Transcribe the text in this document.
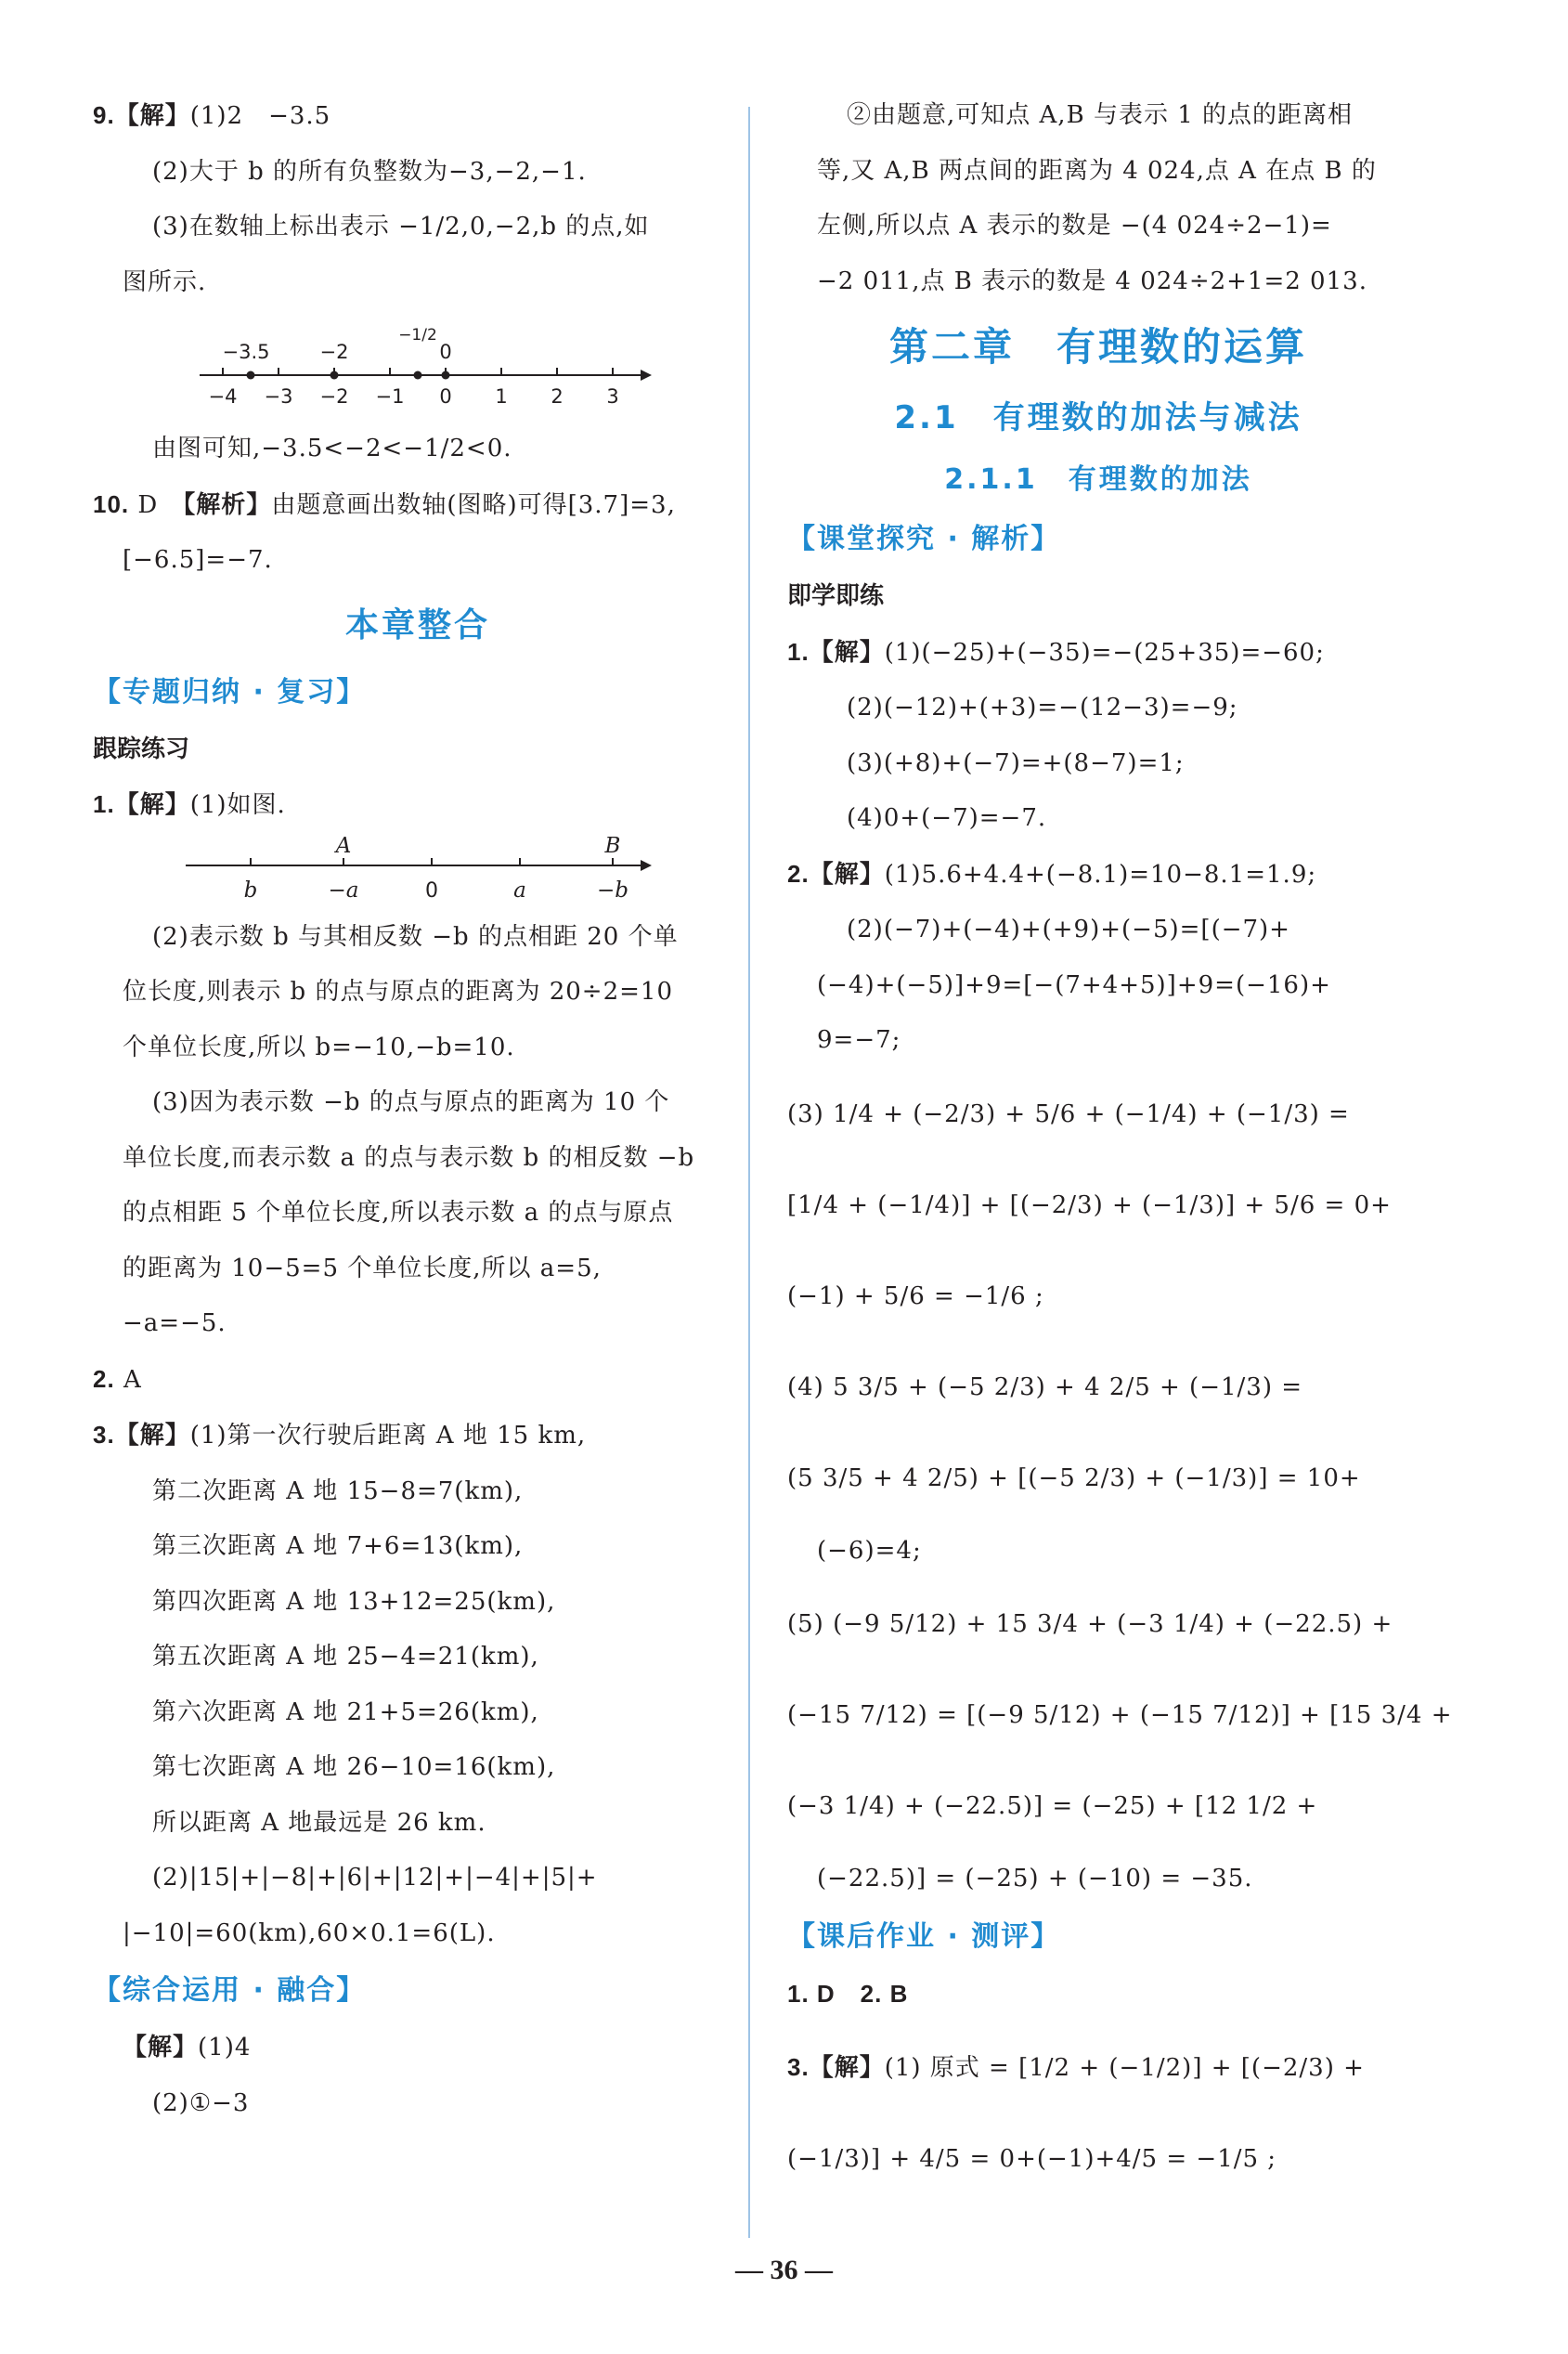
9.【解】(1)2　−3.5
(2)大于 b 的所有负整数为−3,−2,−1.
(3)在数轴上标出表示 −1/2,0,−2,b 的点,如
图所示.
−3.5	−2	0
−4 −3 −2 −1 0 1 2 3
−1/2
由图可知,−3.5<−2<−1/2<0.
10. D　 【解析】由题意画出数轴(图略)可得[3.7]=3,
[−6.5]=−7.
本章整合
【专题归纳 · 复习】
跟踪练习
1.【解】(1)如图.
A	B
b	−a	a	−b
0
(2)表示数 b 与其相反数 −b 的点相距 20 个单
位长度,则表示 b 的点与原点的距离为 20÷2=10
个单位长度,所以 b=−10,−b=10.
(3)因为表示数 −b 的点与原点的距离为 10 个
单位长度,而表示数 a 的点与表示数 b 的相反数 −b
的点相距 5 个单位长度,所以表示数 a 的点与原点
的距离为 10−5=5 个单位长度,所以 a=5,
−a=−5.
2. A
3.【解】(1)第一次行驶后距离 A 地 15 km,
第二次距离 A 地 15−8=7(km),
第三次距离 A 地 7+6=13(km),
第四次距离 A 地 13+12=25(km),
第五次距离 A 地 25−4=21(km),
第六次距离 A 地 21+5=26(km),
第七次距离 A 地 26−10=16(km),
所以距离 A 地最远是 26 km.
(2)|15|+|−8|+|6|+|12|+|−4|+|5|+
|−10|=60(km),60×0.1=6(L).
【综合运用 · 融合】
【解】(1)4
(2)①−3
②由题意,可知点 A,B 与表示 1 的点的距离相
等,又 A,B 两点间的距离为 4 024,点 A 在点 B 的
左侧,所以点 A 表示的数是 −(4 024÷2−1)=
−2 011,点 B 表示的数是 4 024÷2+1=2 013.
第二章　有理数的运算
2.1　有理数的加法与减法
2.1.1　有理数的加法
【课堂探究 · 解析】
即学即练
1.【解】(1)(−25)+(−35)=−(25+35)=−60;
(2)(−12)+(+3)=−(12−3)=−9;
(3)(+8)+(−7)=+(8−7)=1;
(4)0+(−7)=−7.
2.【解】(1)5.6+4.4+(−8.1)=10−8.1=1.9;
(2)(−7)+(−4)+(+9)+(−5)=[(−7)+
(−4)+(−5)]+9=[−(7+4+5)]+9=(−16)+
9=−7;
(3) 1/4 + (−2/3) + 5/6 + (−1/4) + (−1/3) =
[1/4 + (−1/4)] + [(−2/3) + (−1/3)] + 5/6 = 0+
(−1) + 5/6 = −1/6 ;
(4) 5 3/5 + (−5 2/3) + 4 2/5 + (−1/3) =
(5 3/5 + 4 2/5) + [(−5 2/3) + (−1/3)] = 10+
(−6)=4;
(5) (−9 5/12) + 15 3/4 + (−3 1/4) + (−22.5) +
(−15 7/12) = [(−9 5/12) + (−15 7/12)] + [15 3/4 +
(−3 1/4) + (−22.5)] = (−25) + [12 1/2 +
(−22.5)] = (−25) + (−10) = −35.
【课后作业 · 测评】
1. D　2. B
3.【解】(1) 原式 = [1/2 + (−1/2)] + [(−2/3) +
(−1/3)] + 4/5 = 0+(−1)+4/5 = −1/5 ;
— 36 —
